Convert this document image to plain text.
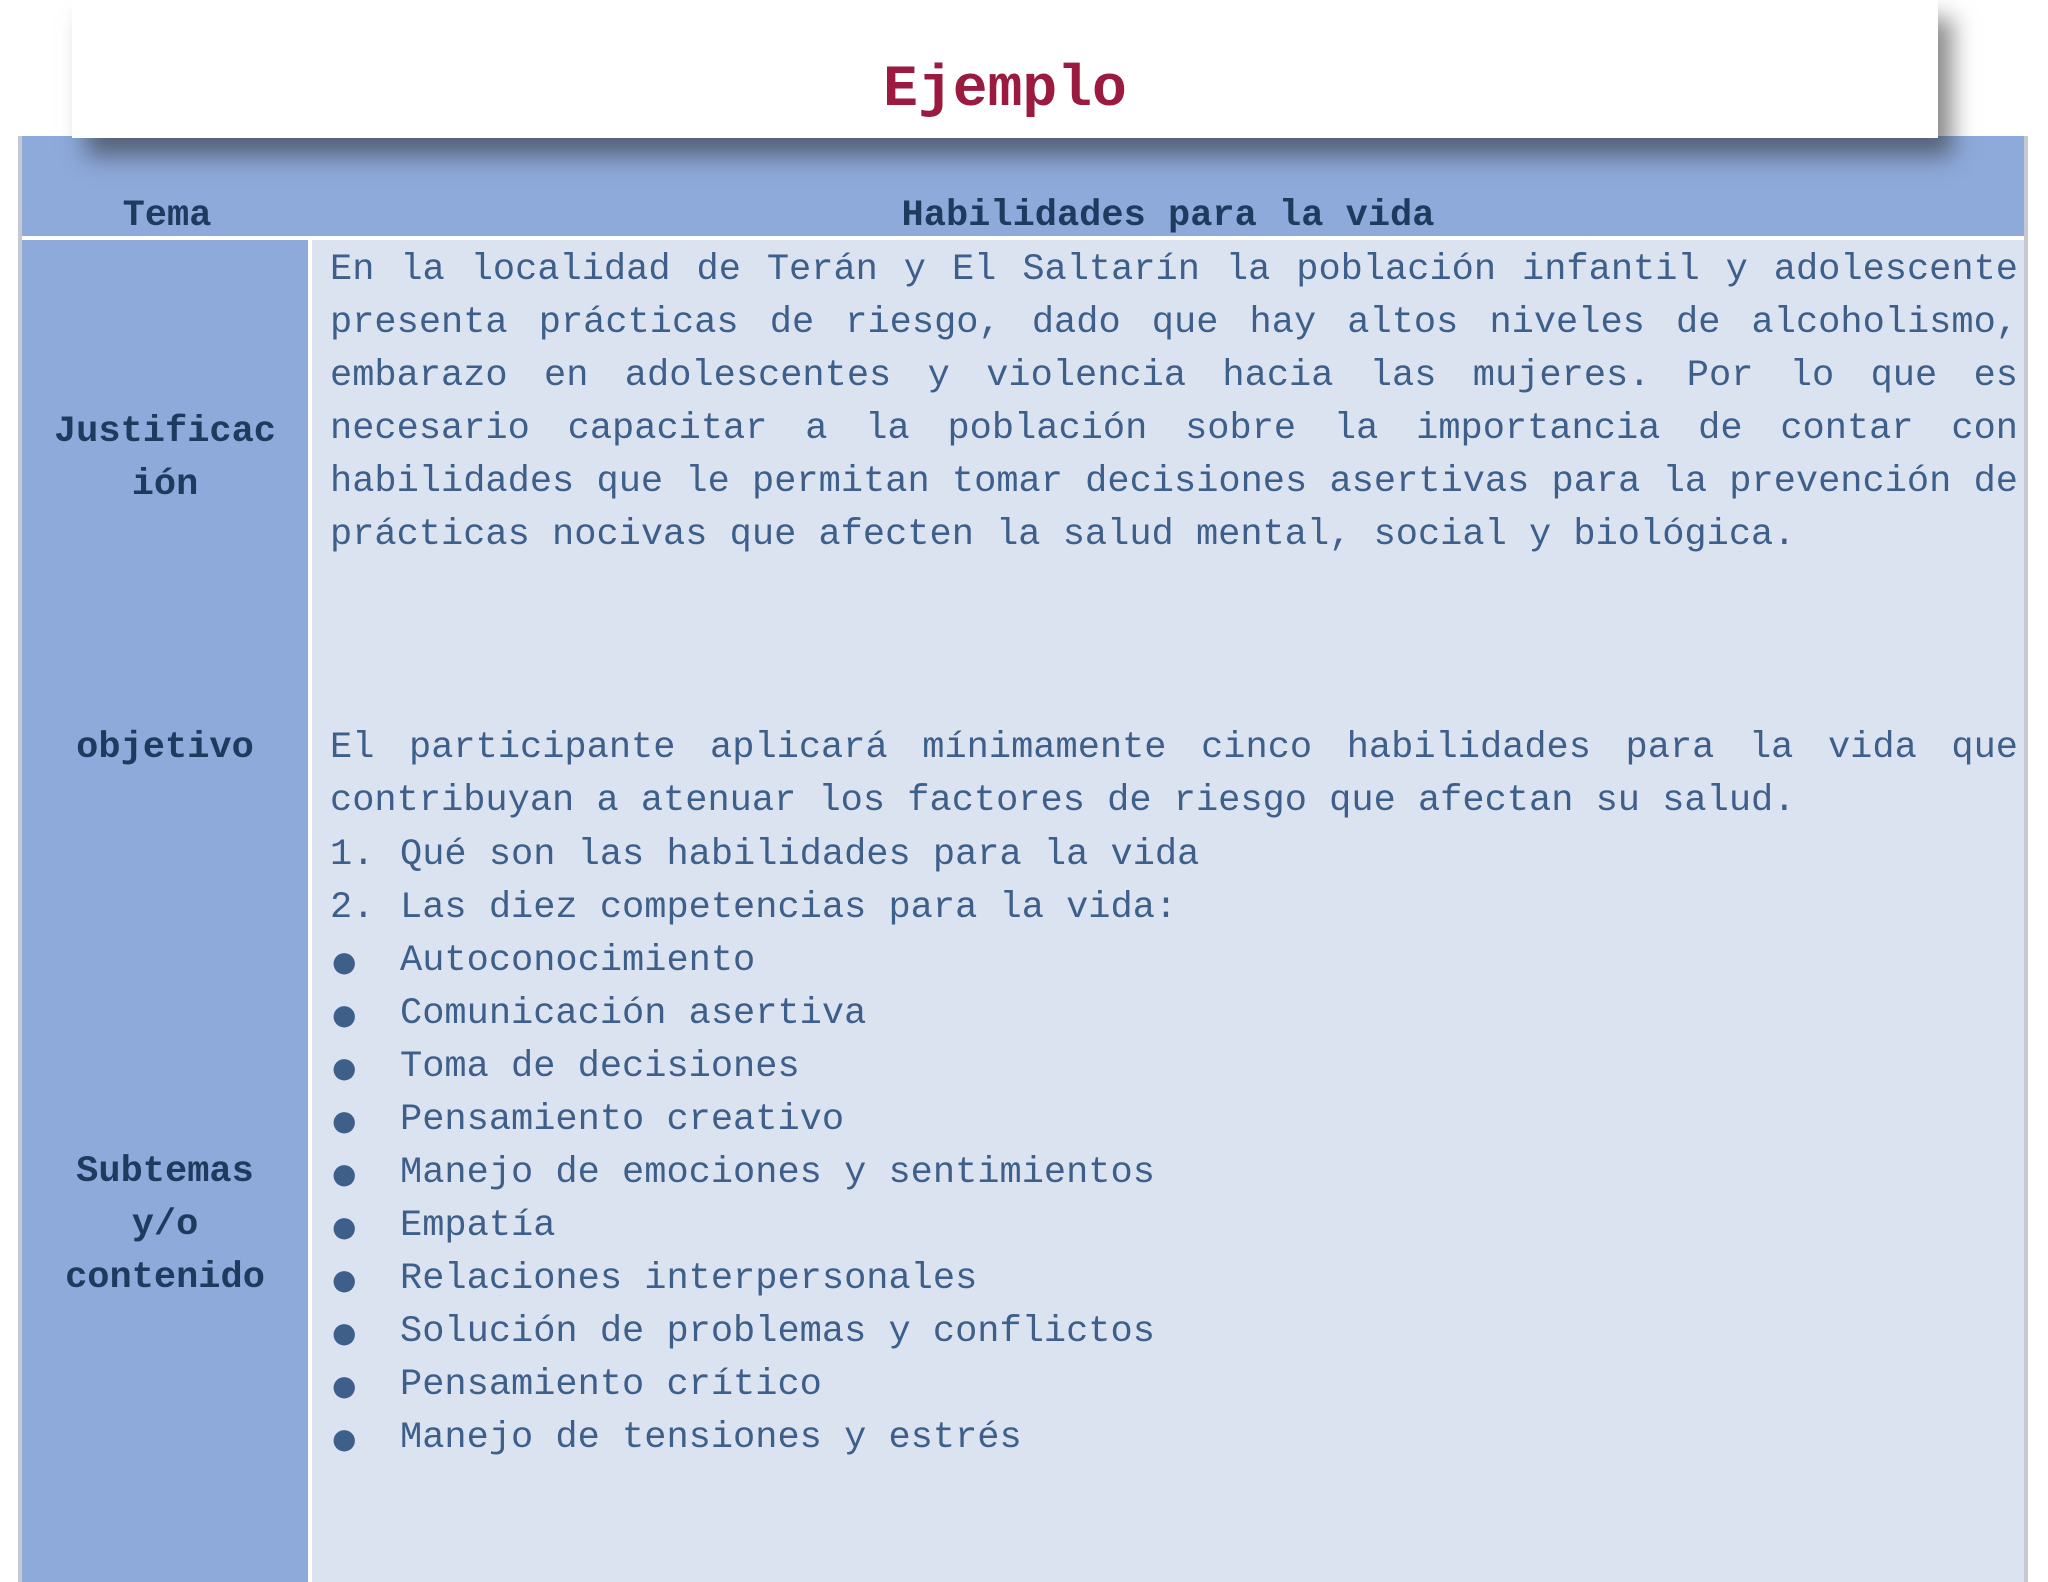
Ejemplo
Tema	Habilidades para la vida
Justificac
ión
En la localidad de Terán y El Saltarín la población infantil y adolescente presenta prácticas de riesgo, dado que hay altos niveles de alcoholismo, embarazo en adolescentes y violencia hacia las mujeres. Por lo que es necesario capacitar a la población sobre la importancia de contar con habilidades que le permitan tomar decisiones asertivas para la prevención de prácticas nocivas que afecten la salud mental, social y biológica.
objetivo	El participante aplicará mínimamente cinco habilidades para la vida que contribuyan a atenuar los factores de riesgo que afectan su salud.
Subtemas
y/o
contenido
1. Qué son las habilidades para la vida
2. Las diez competencias para la vida:
● Autoconocimiento
● Comunicación asertiva
● Toma de decisiones
● Pensamiento creativo
● Manejo de emociones y sentimientos
● Empatía
● Relaciones interpersonales
● Solución de problemas y conflictos
● Pensamiento crítico
● Manejo de tensiones y estrés
